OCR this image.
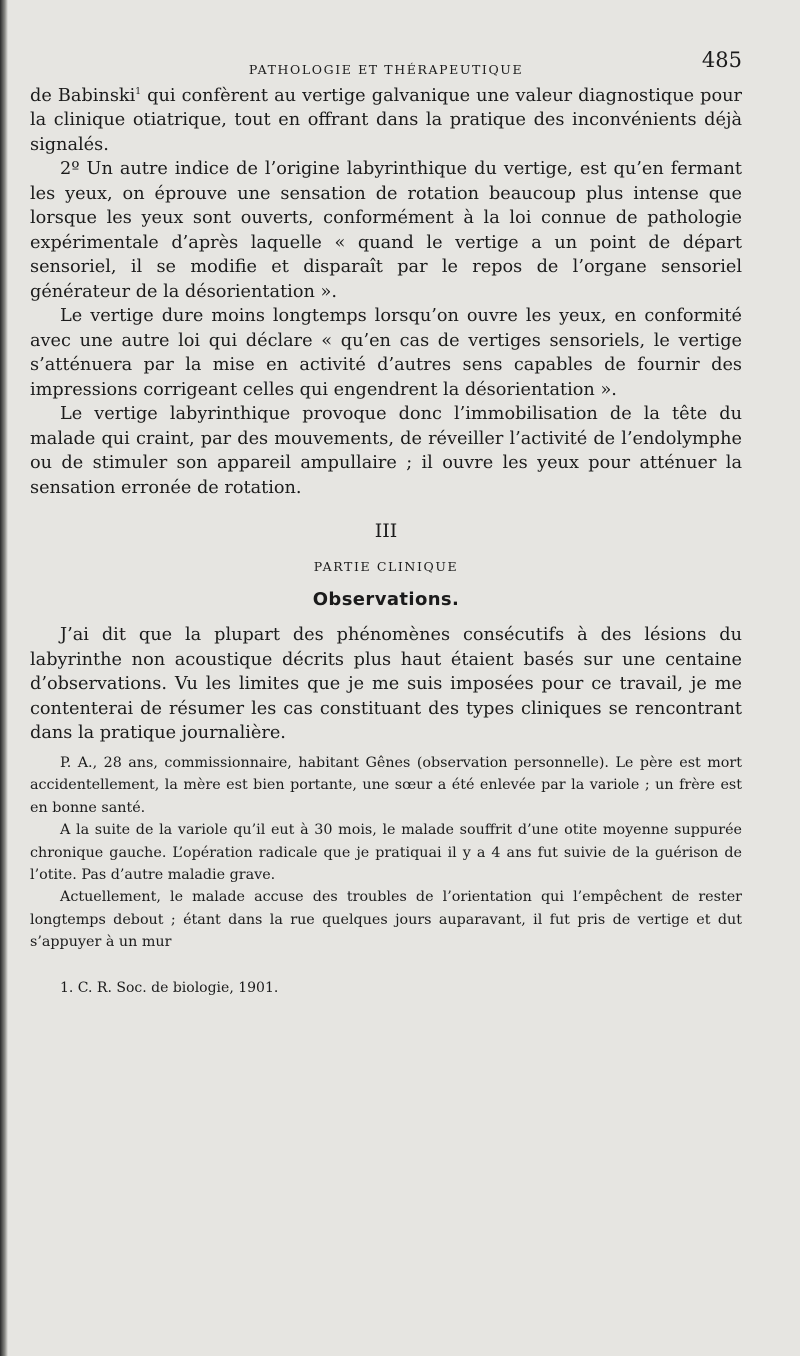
PATHOLOGIE ET THÉRAPEUTIQUE	485

de Babinski$^1$ qui confèrent au vertige galvanique une valeur diagnostique pour la clinique otiatrique, tout en offrant dans la pratique des inconvénients déjà signalés.

2º Un autre indice de l’origine labyrinthique du vertige, est qu’en fermant les yeux, on éprouve une sensation de rotation beaucoup plus intense que lorsque les yeux sont ouverts, conformément à la loi connue de pathologie expérimentale d’après laquelle « quand le vertige a un point de départ sensoriel, il se modifie et disparaît par le repos de l’organe sensoriel générateur de la désorientation ».

Le vertige dure moins longtemps lorsqu’on ouvre les yeux, en conformité avec une autre loi qui déclare « qu’en cas de vertiges sensoriels, le vertige s’atténuera par la mise en activité d’autres sens capables de fournir des impressions corrigeant celles qui engendrent la désorientation ».

Le vertige labyrinthique provoque donc l’immobilisation de la tête du malade qui craint, par des mouvements, de réveiller l’activité de l’endolymphe ou de stimuler son appareil ampullaire ; il ouvre les yeux pour atténuer la sensation erronée de rotation.

III
PARTIE CLINIQUE
Observations.

J’ai dit que la plupart des phénomènes consécutifs à des lésions du labyrinthe non acoustique décrits plus haut étaient basés sur une centaine d’observations. Vu les limites que je me suis imposées pour ce travail, je me contenterai de résumer les cas constituant des types cliniques se rencontrant dans la pratique journalière.

P. A., 28 ans, commissionnaire, habitant Gênes (observation personnelle). Le père est mort accidentellement, la mère est bien portante, une sœur a été enlevée par la variole ; un frère est en bonne santé.

A la suite de la variole qu’il eut à 30 mois, le malade souffrit d’une otite moyenne suppurée chronique gauche. L’opération radicale que je pratiquai il y a 4 ans fut suivie de la guérison de l’otite. Pas d’autre maladie grave.

Actuellement, le malade accuse des troubles de l’orientation qui l’empêchent de rester longtemps debout ; étant dans la rue quelques jours auparavant, il fut pris de vertige et dut s’appuyer à un mur

1. C. R. Soc. de biologie, 1901.
